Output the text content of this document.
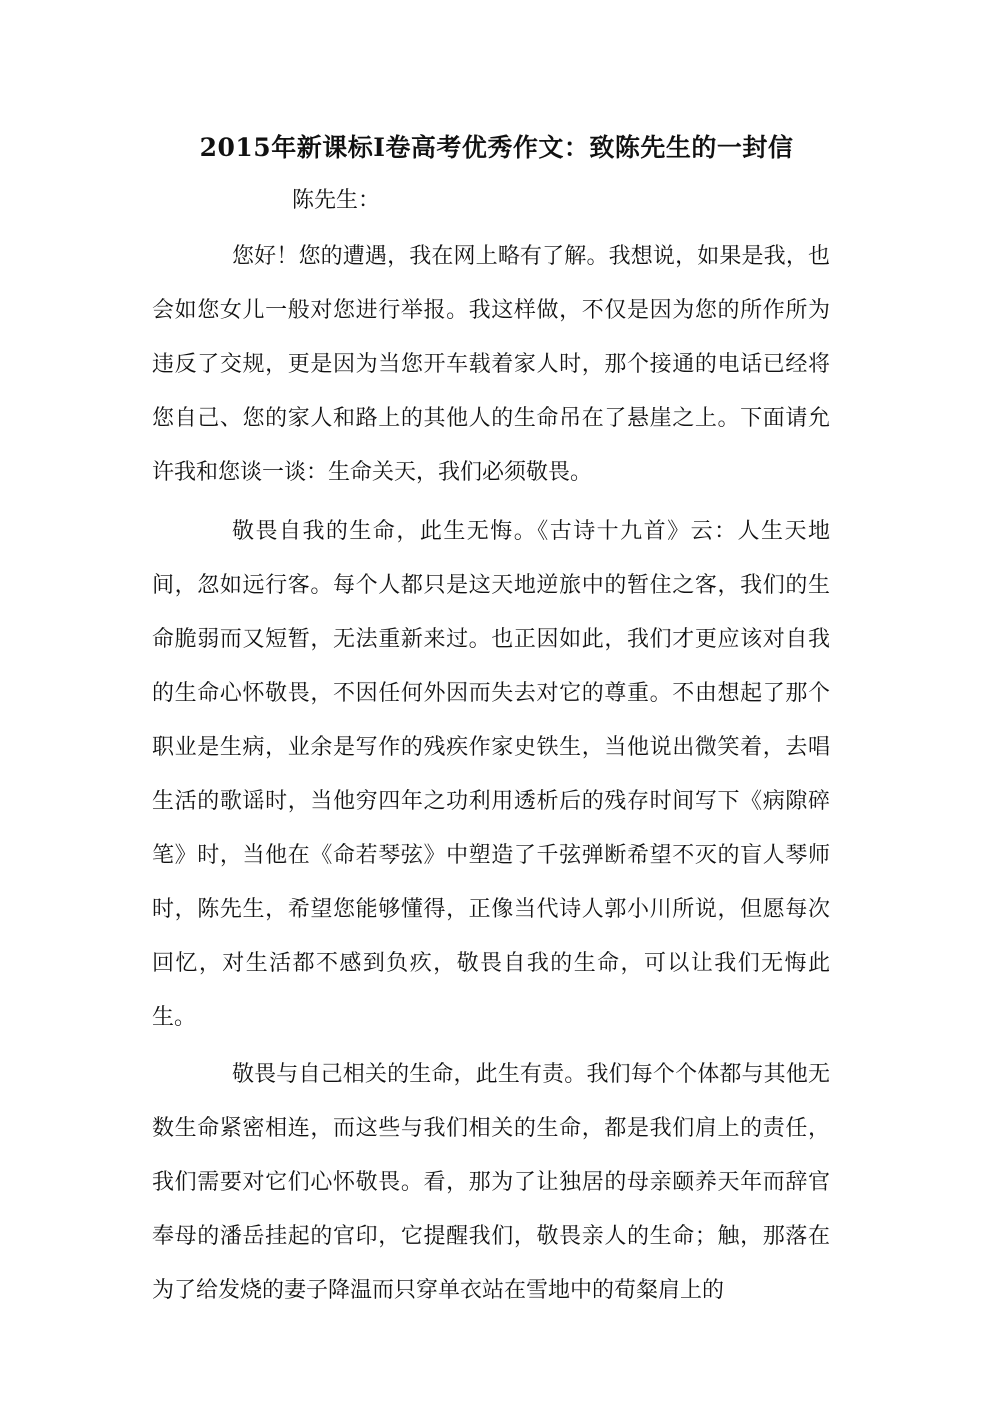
2015年新课标I卷高考优秀作文：致陈先生的一封信
陈先生：

您好！您的遭遇，我在网上略有了解。我想说，如果是我，也会如您女儿一般对您进行举报。我这样做，不仅是因为您的所作所为违反了交规，更是因为当您开车载着家人时，那个接通的电话已经将您自己、您的家人和路上的其他人的生命吊在了悬崖之上。下面请允许我和您谈一谈：生命关天，我们必须敬畏。

敬畏自我的生命，此生无悔。《古诗十九首》云：人生天地间，忽如远行客。每个人都只是这天地逆旅中的暂住之客，我们的生命脆弱而又短暂，无法重新来过。也正因如此，我们才更应该对自我的生命心怀敬畏，不因任何外因而失去对它的尊重。不由想起了那个职业是生病，业余是写作的残疾作家史铁生，当他说出微笑着，去唱生活的歌谣时，当他穷四年之功利用透析后的残存时间写下《病隙碎笔》时，当他在《命若琴弦》中塑造了千弦弹断希望不灭的盲人琴师时，陈先生，希望您能够懂得，正像当代诗人郭小川所说，但愿每次回忆，对生活都不感到负疚，敬畏自我的生命，可以让我们无悔此生。

敬畏与自己相关的生命，此生有责。我们每个个体都与其他无数生命紧密相连，而这些与我们相关的生命，都是我们肩上的责任，我们需要对它们心怀敬畏。看，那为了让独居的母亲颐养天年而辞官奉母的潘岳挂起的官印，它提醒我们，敬畏亲人的生命；触，那落在为了给发烧的妻子降温而只穿单衣站在雪地中的荀粲肩上的
